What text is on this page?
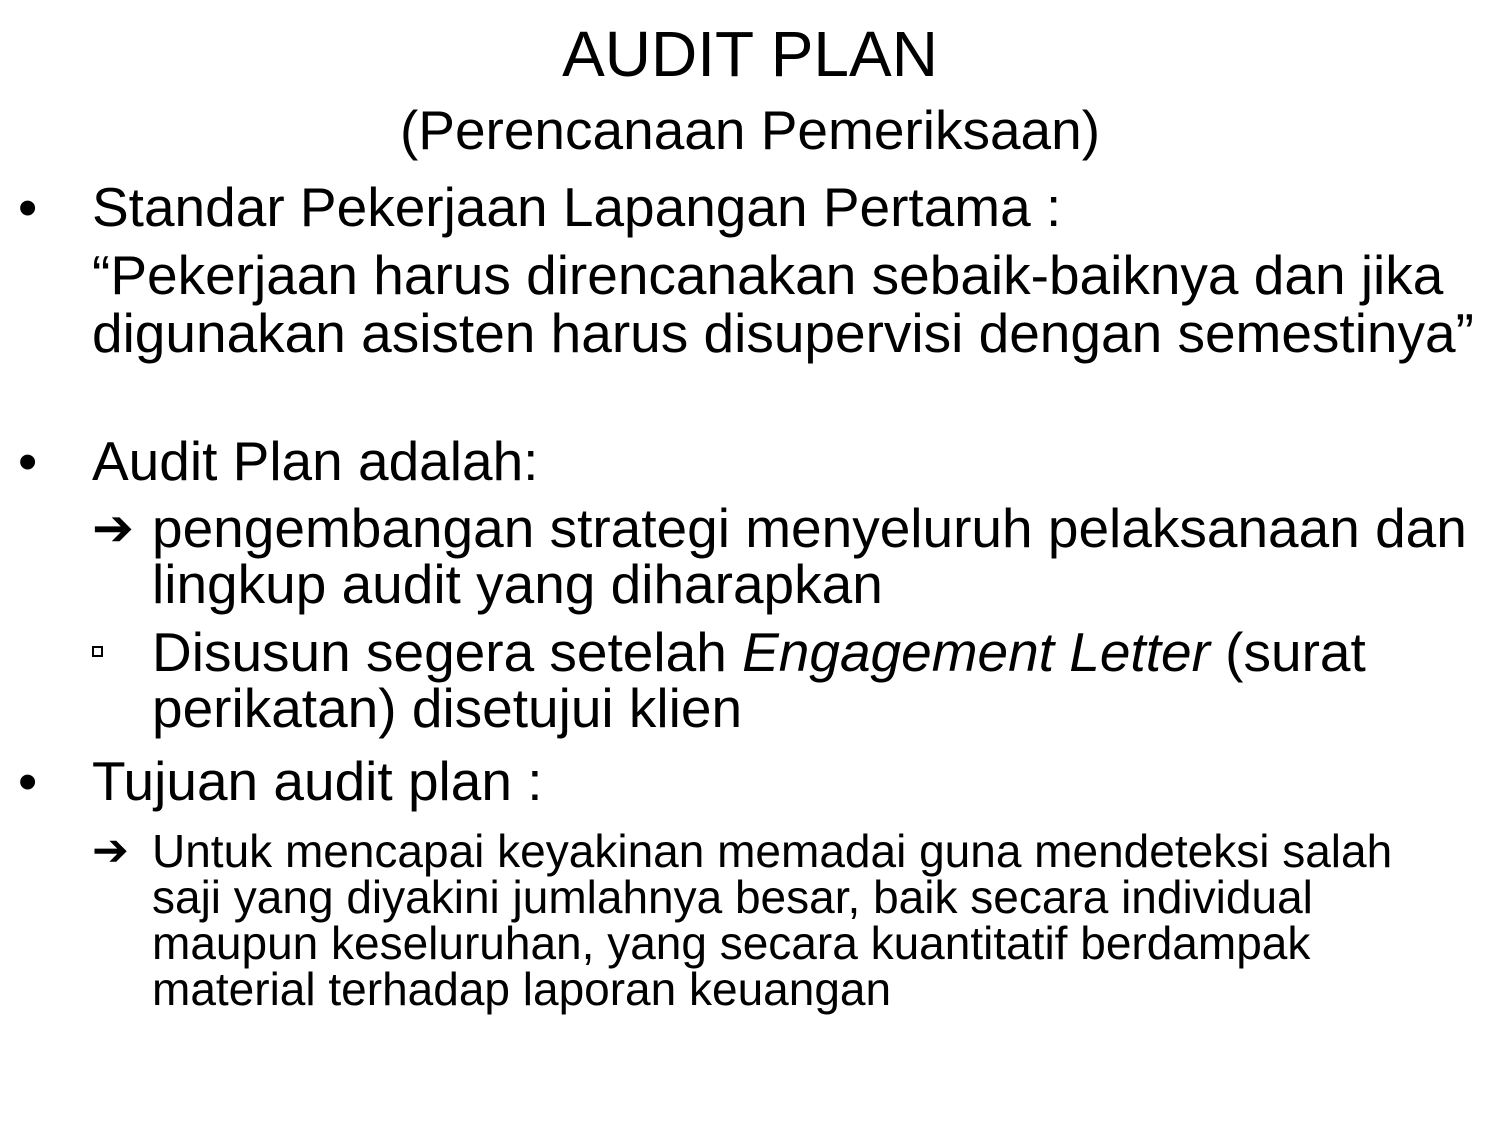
AUDIT PLAN
(Perencanaan Pemeriksaan)
• Standar Pekerjaan Lapangan Pertama :

“Pekerjaan harus direncanakan sebaik-baiknya dan jika digunakan asisten harus disupervisi dengan semestinya”

• Audit Plan adalah:
➔ pengembangan strategi menyeluruh pelaksanaan dan lingkup audit yang diharapkan

Disusun segera setelah Engagement Letter (surat perikatan) disetujui klien

• Tujuan audit plan :
➔ Untuk mencapai keyakinan memadai guna mendeteksi salah saji yang diyakini jumlahnya besar, baik secara individual maupun keseluruhan, yang secara kuantitatif berdampak material terhadap laporan keuangan
